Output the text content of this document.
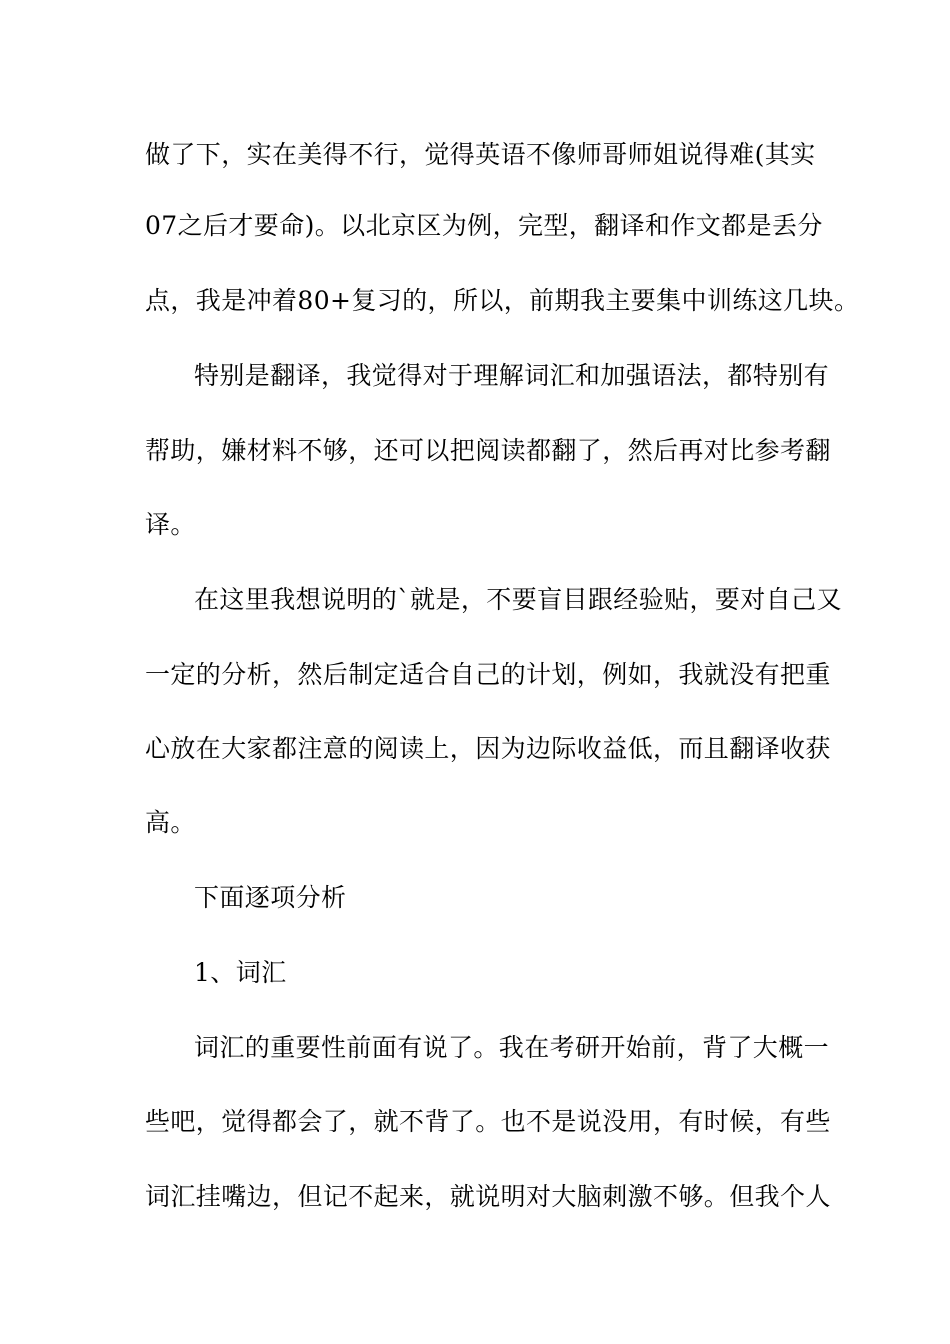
做了下，实在美得不行，觉得英语不像师哥师姐说得难(其实
07之后才要命)。以北京区为例，完型，翻译和作文都是丢分
点，我是冲着80+复习的，所以，前期我主要集中训练这几块。
特别是翻译，我觉得对于理解词汇和加强语法，都特别有
帮助，嫌材料不够，还可以把阅读都翻了，然后再对比参考翻
译。
在这里我想说明的`就是，不要盲目跟经验贴，要对自己又
一定的分析，然后制定适合自己的计划，例如，我就没有把重
心放在大家都注意的阅读上，因为边际收益低，而且翻译收获
高。
下面逐项分析
1、词汇
词汇的重要性前面有说了。我在考研开始前，背了大概一
些吧，觉得都会了，就不背了。也不是说没用，有时候，有些
词汇挂嘴边，但记不起来，就说明对大脑刺激不够。但我个人
